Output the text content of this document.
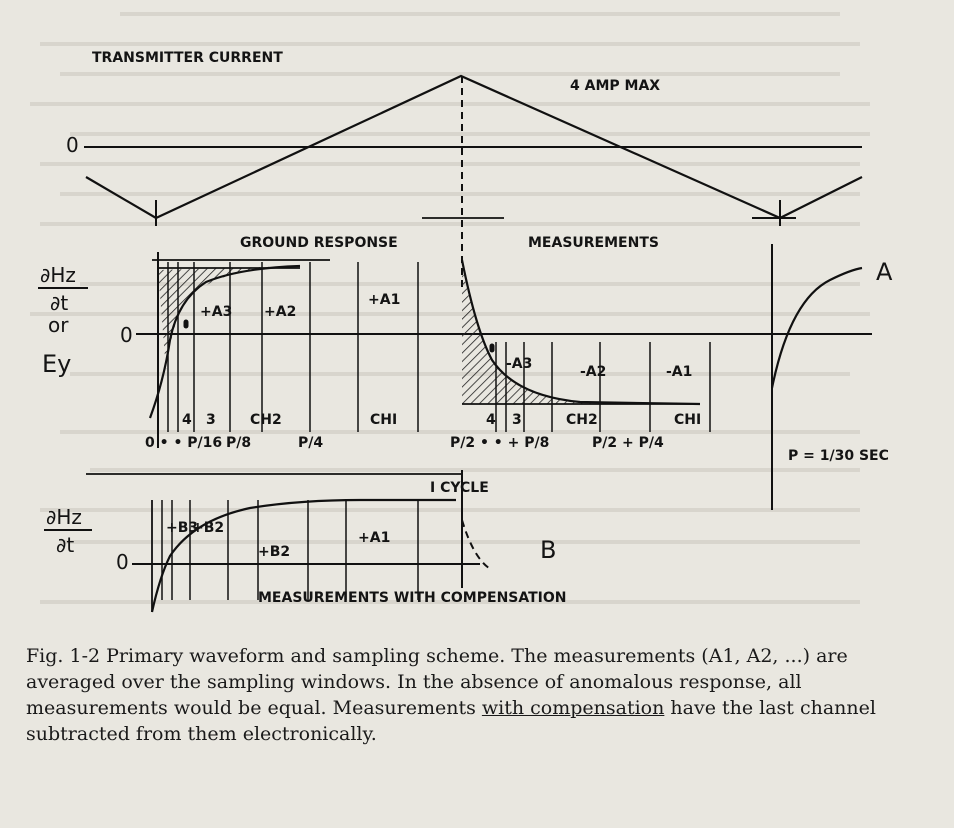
TRANSMITTER CURRENT
0
4 AMP MAX
GROUND RESPONSE
∂Hz
∂t
or
Ey
0
+A3 +A2
+A1
4 3 CH2	CHI
0 • • P/16 P/8	P/4
MEASUREMENTS
-A3	-A2	-A1
4 3	CH2	CHI
P/2 • • + P/8	P/2 + P/4
A
P = 1/30 SEC
I CYCLE
∂Hz
∂t
0
+B3
+B2
+B2
+A1
MEASUREMENTS WITH COMPENSATION
B
Fig. 1-2 Primary waveform and sampling scheme. The measurements (A1, A2, ...) are averaged over the sampling windows. In the absence of anomalous response, all measurements would be equal. Measurements with compensation have the last channel subtracted from them electronically.
